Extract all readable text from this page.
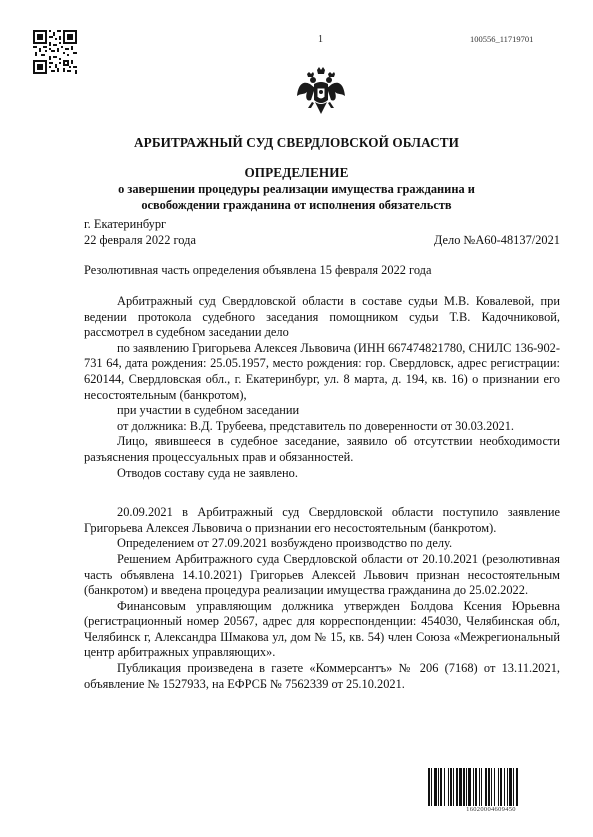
1	100556_11719701
АРБИТРАЖНЫЙ СУД СВЕРДЛОВСКОЙ ОБЛАСТИ
ОПРЕДЕЛЕНИЕ
о завершении процедуры реализации имущества гражданина и
освобождении гражданина от исполнения обязательств
г. Екатеринбург
22 февраля 2022 года	Дело №А60-48137/2021
Резолютивная часть определения объявлена 15 февраля 2022 года

Арбитражный суд Свердловской области в составе судьи М.В. Ковалевой, при ведении протокола судебного заседания помощником судьи Т.В. Кадочниковой, рассмотрел в судебном заседании дело

по заявлению Григорьева Алексея Львовича (ИНН 667474821780, СНИЛС 136-902-731 64, дата рождения: 25.05.1957, место рождения: гор. Свердловск, адрес регистрации: 620144, Свердловская обл., г. Екатеринбург, ул. 8 марта, д. 194, кв. 16) о признании его несостоятельным (банкротом),

при участии в судебном заседании

от должника: В.Д. Трубеева, представитель по доверенности от 30.03.2021.

Лицо, явившееся в судебное заседание, заявило об отсутствии необходимости разъяснения процессуальных прав и обязанностей.

Отводов составу суда не заявлено.

20.09.2021 в Арбитражный суд Свердловской области поступило заявление Григорьева Алексея Львовича о признании его несостоятельным (банкротом).

Определением от 27.09.2021 возбуждено производство по делу.

Решением Арбитражного суда Свердловской области от 20.10.2021 (резолютивная часть объявлена 14.10.2021) Григорьев Алексей Львович признан несостоятельным (банкротом) и введена процедура реализации имущества гражданина до 25.02.2022.

Финансовым управляющим должника утвержден Болдова Ксения Юрьевна (регистрационный номер 20567, адрес для корреспонденции: 454030, Челябинская обл, Челябинск г, Александра Шмакова ул, дом № 15, кв. 54) член Союза «Межрегиональный центр арбитражных управляющих».

Публикация произведена в газете «Коммерсантъ» № 206 (7168) от 13.11.2021, объявление № 1527933, на ЕФРСБ № 7562339 от 25.10.2021.

16020004609450
